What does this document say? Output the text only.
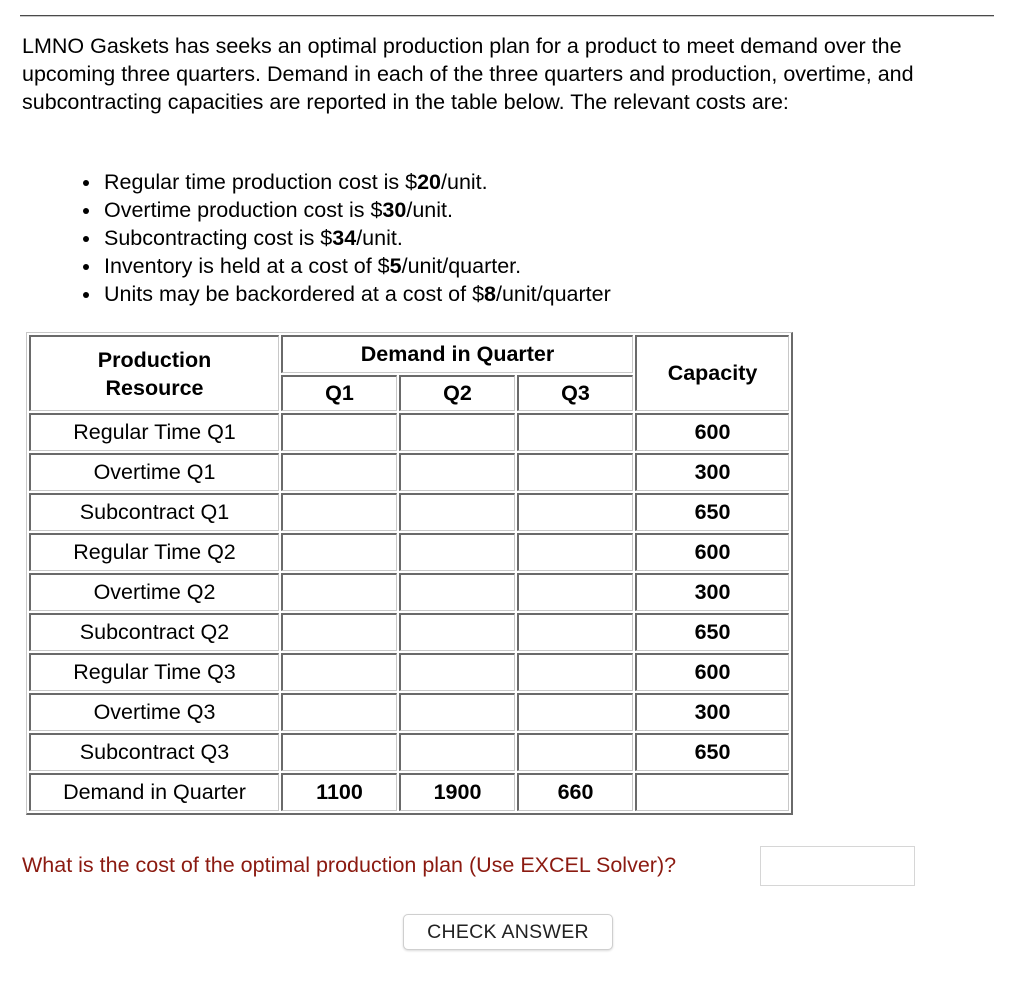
LMNO Gaskets has seeks an optimal production plan for a product to meet demand over the upcoming three quarters. Demand in each of the three quarters and production, overtime, and subcontracting capacities are reported in the table below. The relevant costs are:

• Regular time production cost is $20/unit.
• Overtime production cost is $30/unit.
• Subcontracting cost is $34/unit.
• Inventory is held at a cost of $5/unit/quarter.
• Units may be backordered at a cost of $8/unit/quarter
Production
Resource	Demand in Quarter			Capacity
	Q1	Q2	Q3	
Regular Time Q1				600
Overtime Q1				300
Subcontract Q1				650
Regular Time Q2				600
Overtime Q2				300
Subcontract Q2				650
Regular Time Q3				600
Overtime Q3				300
Subcontract Q3				650
Demand in Quarter	1100	1900	660	
What is the cost of the optimal production plan (Use EXCEL Solver)?
CHECK ANSWER
